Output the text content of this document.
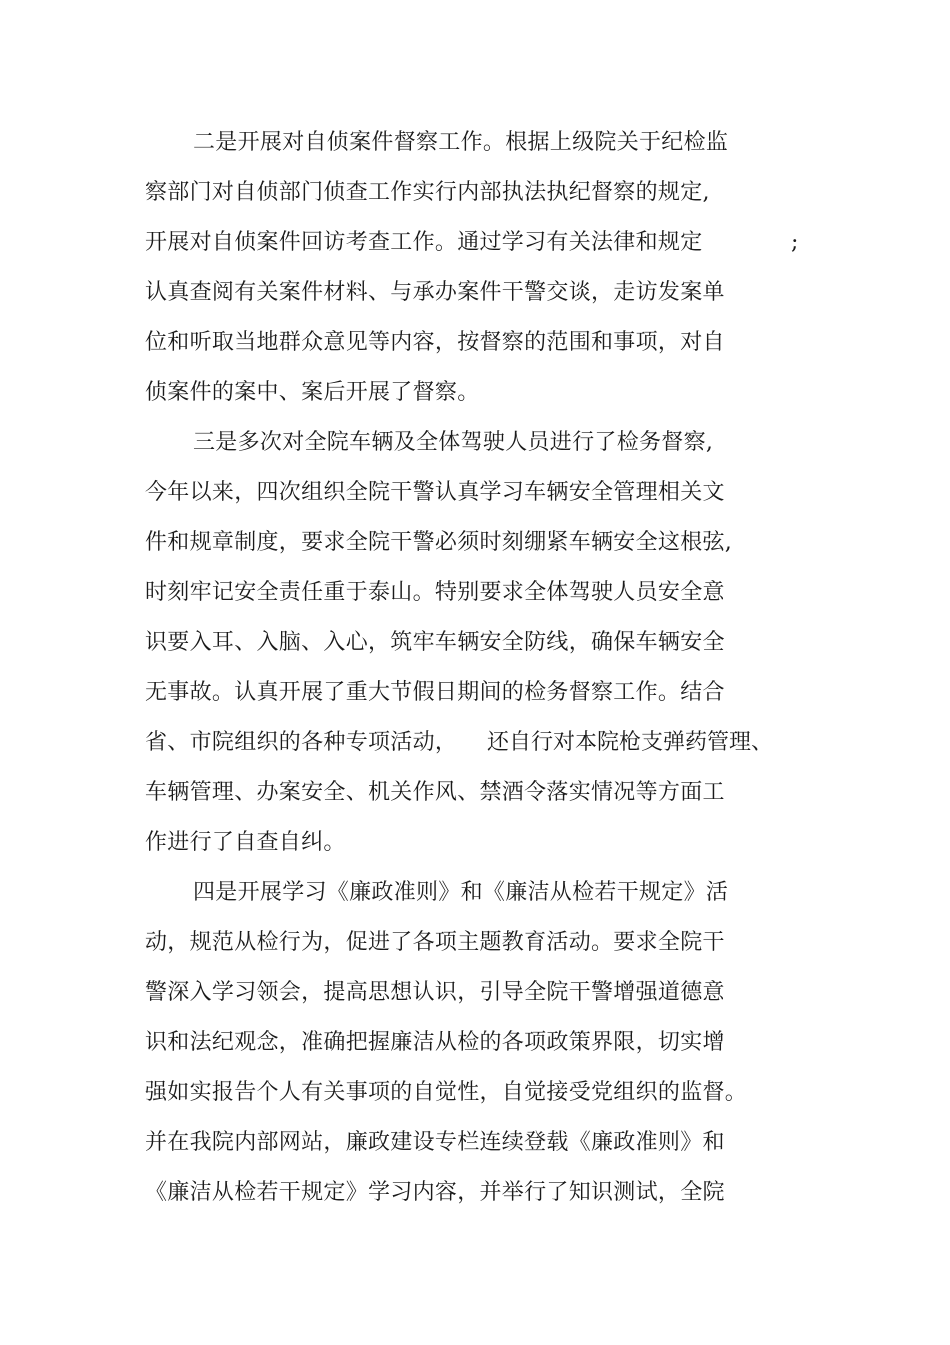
二是开展对自侦案件督察工作。根据上级院关于纪检监
察部门对自侦部门侦查工作实行内部执法执纪督察的规定,
开展对自侦案件回访考查工作。通过学习有关法律和规定	;
认真查阅有关案件材料、与承办案件干警交谈，走访发案单
位和听取当地群众意见等内容，按督察的范围和事项，对自
侦案件的案中、案后开展了督察。
三是多次对全院车辆及全体驾驶人员进行了检务督察,
今年以来，四次组织全院干警认真学习车辆安全管理相关文
件和规章制度，要求全院干警必须时刻绷紧车辆安全这根弦,
时刻牢记安全责任重于泰山。特别要求全体驾驶人员安全意
识要入耳、入脑、入心，筑牢车辆安全防线，确保车辆安全
无事故。认真开展了重大节假日期间的检务督察工作。结合
省、市院组织的各种专项活动， 还自行对本院枪支弹药管理、
车辆管理、办案安全、机关作风、禁酒令落实情况等方面工
作进行了自查自纠。
四是开展学习《廉政准则》和《廉洁从检若干规定》活
动，规范从检行为，促进了各项主题教育活动。要求全院干
警深入学习领会，提高思想认识，引导全院干警增强道德意
识和法纪观念，准确把握廉洁从检的各项政策界限，切实增
强如实报告个人有关事项的自觉性，自觉接受党组织的监督。
并在我院内部网站，廉政建设专栏连续登载《廉政准则》和
《廉洁从检若干规定》学习内容，并举行了知识测试，全院
